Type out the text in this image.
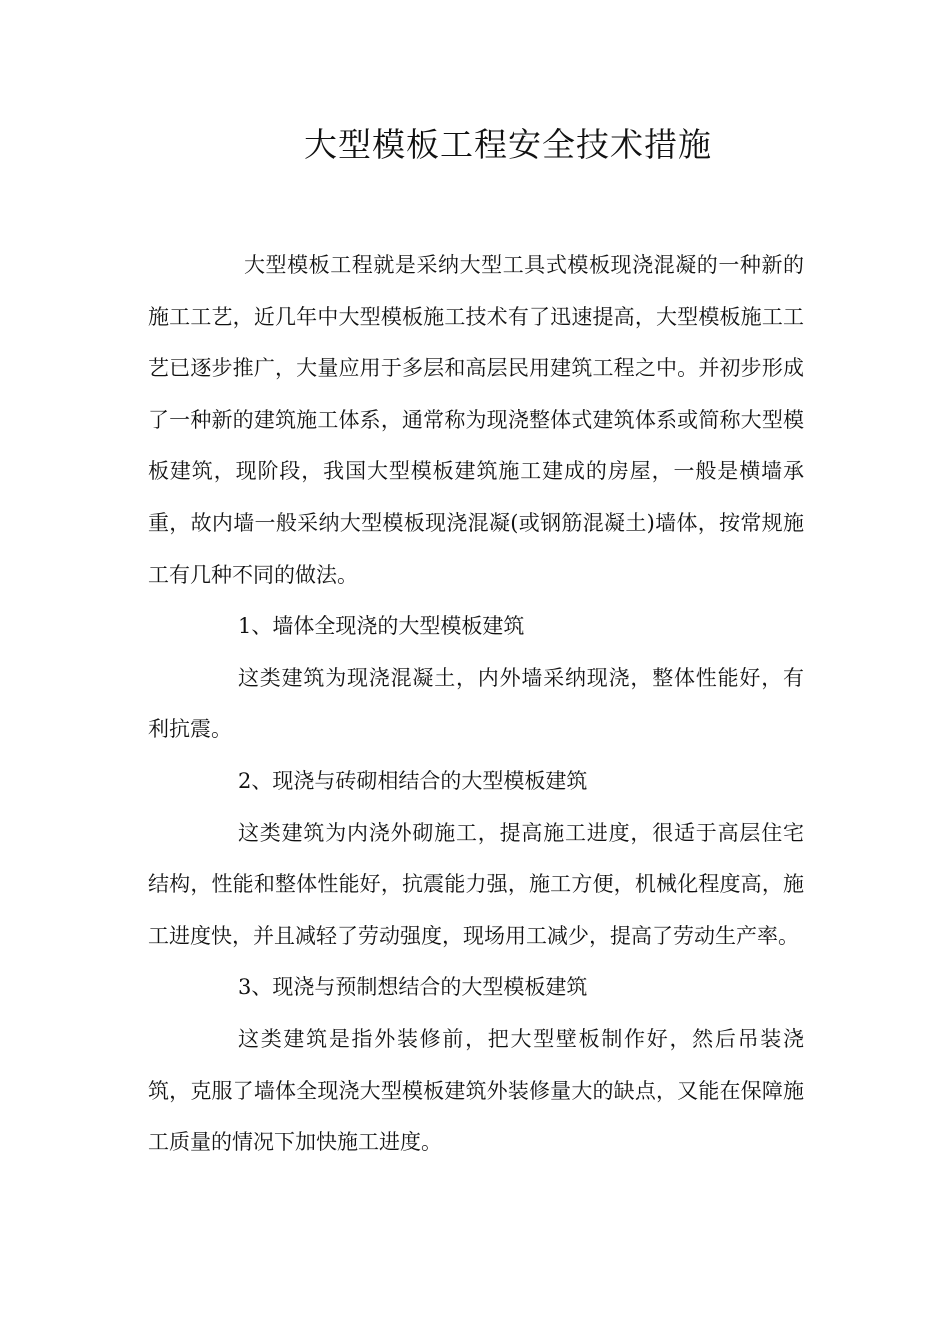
大型模板工程安全技术措施

大型模板工程就是采纳大型工具式模板现浇混凝的一种新的施工工艺，近几年中大型模板施工技术有了迅速提高，大型模板施工工艺已逐步推广，大量应用于多层和高层民用建筑工程之中。并初步形成了一种新的建筑施工体系，通常称为现浇整体式建筑体系或简称大型模板建筑，现阶段，我国大型模板建筑施工建成的房屋，一般是横墙承重，故内墙一般采纳大型模板现浇混凝(或钢筋混凝土)墙体，按常规施工有几种不同的做法。

1、墙体全现浇的大型模板建筑

这类建筑为现浇混凝土，内外墙采纳现浇，整体性能好，有利抗震。

2、现浇与砖砌相结合的大型模板建筑

这类建筑为内浇外砌施工，提高施工进度，很适于高层住宅结构，性能和整体性能好，抗震能力强，施工方便，机械化程度高，施工进度快，并且减轻了劳动强度，现场用工减少，提高了劳动生产率。

3、现浇与预制想结合的大型模板建筑

这类建筑是指外装修前，把大型壁板制作好，然后吊装浇筑，克服了墙体全现浇大型模板建筑外装修量大的缺点，又能在保障施工质量的情况下加快施工进度。
